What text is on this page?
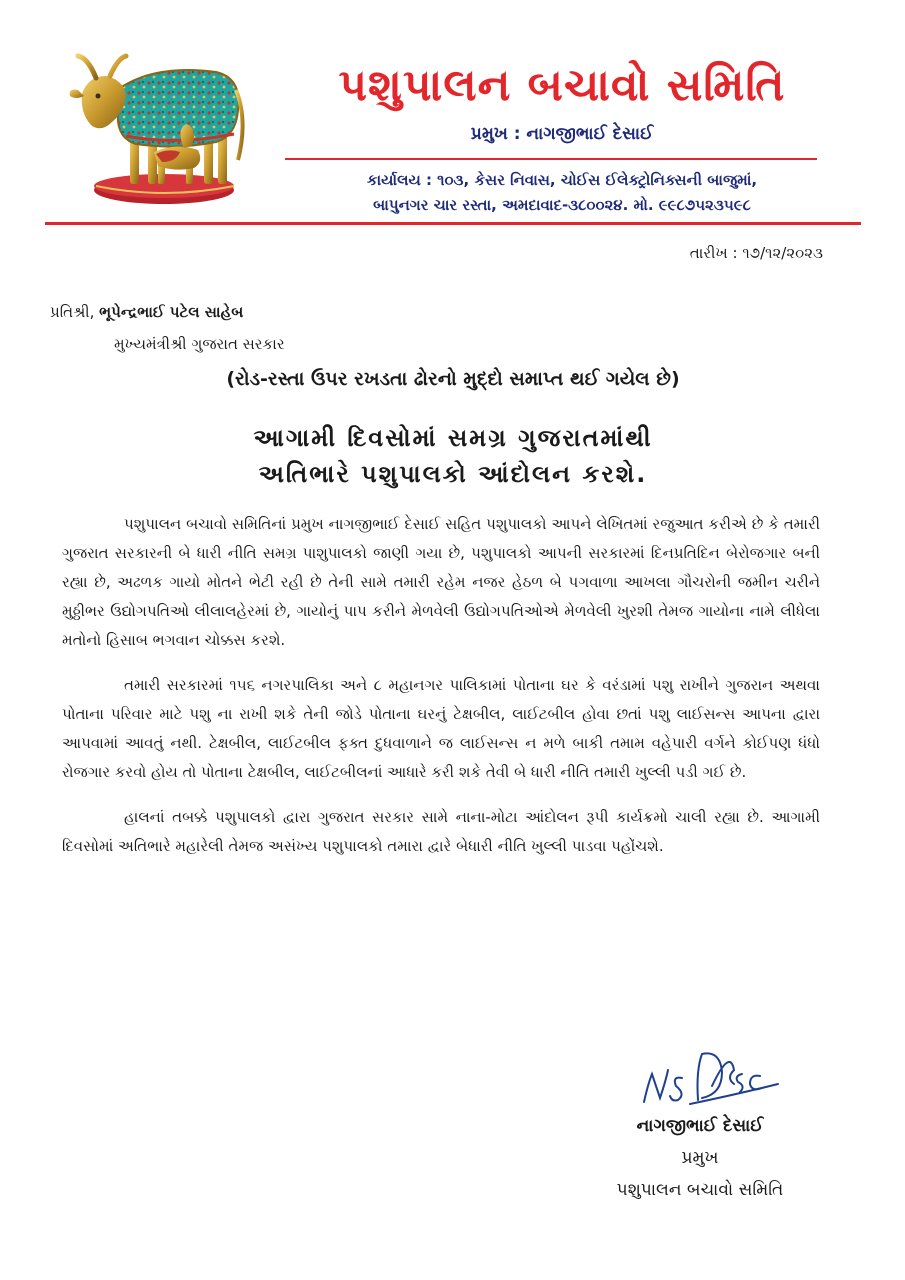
પશુપાલન બચાવો સમિતિ
પ્રમુખ : નાગજીભાઈ દેસાઈ
કાર્યાલય : ૧૦૩, કેસર નિવાસ, ચોઈસ ઈલેક્ટ્રોનિક્સની બાજુમાં,
બાપુનગર ચાર રસ્તા, અમદાવાદ-૩૮૦૦૨૪. મો. ૯૯૮૭૫૨૩૫૯૮
તારીખ : ૧૭/૧૨/૨૦૨૩
પ્રતિશ્રી, ભૂપેન્દ્રભાઈ પટેલ સાહેબ
મુખ્યમંત્રીશ્રી ગુજરાત સરકાર
(રોડ-રસ્તા ઉપર રખડતા ઢોરનો મુદ્દો સમાપ્ત થઈ ગયેલ છે)
આગામી દિવસોમાં સમગ્ર ગુજરાતમાંથી
અતિભારે પશુપાલકો આંદોલન કરશે.

પશુપાલન બચાવો સમિતિનાં પ્રમુખ નાગજીભાઈ દેસાઈ સહિત પશુપાલકો આપને લેખિતમાં રજુઆત કરીએ છે કે તમારી ગુજરાત સરકારની બે ધારી નીતિ સમગ્ર પાશુપાલકો જાણી ગયા છે, પશુપાલકો આપની સરકારમાં દિનપ્રતિદિન બેરોજગાર બની રહ્યા છે, અઢળક ગાયો મોતને ભેટી રહી છે તેની સામે તમારી રહેમ નજર હેઠળ બે પગવાળા આખલા ગૌચરોની જમીન ચરીને મુઠ્ઠીભર ઉદ્યોગપતિઓ લીલાલહેરમાં છે, ગાયોનું પાપ કરીને મેળવેલી ઉદ્યોગપતિઓએ મેળવેલી ખુરશી તેમજ ગાયોના નામે લીધેલા મતોનો હિસાબ ભગવાન ચોક્કસ કરશે.

તમારી સરકારમાં ૧૫૬ નગરપાલિકા અને ૮ મહાનગર પાલિકામાં પોતાના ઘર કે વરંડામાં પશુ રાખીને ગુજરાન અથવા પોતાના પરિવાર માટે પશુ ના રાખી શકે તેની જોડે પોતાના ઘરનું ટેક્ષબીલ, લાઈટબીલ હોવા છતાં પશુ લાઈસન્સ આપના દ્વારા આપવામાં આવતું નથી. ટેક્ષબીલ, લાઈટબીલ ફક્ત દુધવાળાને જ લાઈસન્સ ન મળે બાકી તમામ વહેપારી વર્ગને કોઈપણ ધંધો રોજગાર કરવો હોય તો પોતાના ટેક્ષબીલ, લાઈટબીલનાં આધારે કરી શકે તેવી બે ધારી નીતિ તમારી ખુલ્લી પડી ગઈ છે.

હાલનાં તબક્કે પશુપાલકો દ્વારા ગુજરાત સરકાર સામે નાના-મોટા આંદોલન રૂપી કાર્યક્રમો ચાલી રહ્યા છે. આગામી દિવસોમાં અતિભારે મહારેલી તેમજ અસંખ્ય પશુપાલકો તમારા દ્વારે બેધારી નીતિ ખુલ્લી પાડવા પહોંચશે.

નાગજીભાઈ દેસાઈ
પ્રમુખ
પશુપાલન બચાવો સમિતિ
